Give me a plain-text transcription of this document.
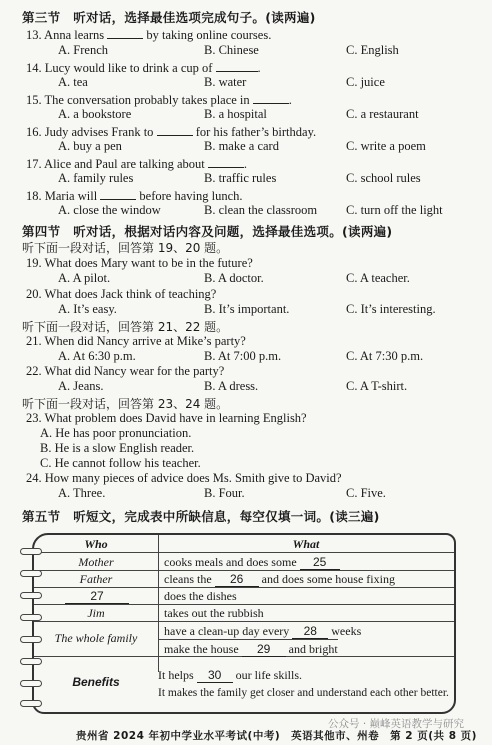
第三节　听对话，选择最佳选项完成句子。(读两遍)
13. Anna learns	by taking online courses.
A. French	B. Chinese	C. English
14. Lucy would like to drink a cup of	.
A. tea	B. water	C. juice
15. The conversation probably takes place in	.
A. a bookstore	B. a hospital	C. a restaurant
16. Judy advises Frank to	for his father’s birthday.
A. buy a pen	B. make a card	C. write a poem
17. Alice and Paul are talking about	.
A. family rules	B. traffic rules	C. school rules
18. Maria will	before having lunch.
A. close the window	B. clean the classroom C. turn off the light
第四节　听对话，根据对话内容及问题，选择最佳选项。(读两遍)
听下面一段对话，回答第 19、20 题。
19. What does Mary want to be in the future?
A. A pilot.	B. A doctor.	C. A teacher.
20. What does Jack think of teaching?
A. It’s easy.	B. It’s important.	C. It’s interesting.
听下面一段对话，回答第 21、22 题。
21. When did Nancy arrive at Mike’s party?
A. At 6:30 p.m.	B. At 7:00 p.m.	C. At 7:30 p.m.
22. What did Nancy wear for the party?
A. Jeans.	B. A dress.	C. A T-shirt.
听下面一段对话，回答第 23、24 题。
23. What problem does David have in learning English?
A. He has poor pronunciation.
B. He is a slow English reader.
C. He cannot follow his teacher.
24. How many pieces of advice does Ms. Smith give to David?
A. Three.	B. Four.	C. Five.
第五节　听短文，完成表中所缺信息，每空仅填一词。(读三遍)
Who	What
Mother	cooks meals and does some 25
Father	cleans the 26 and does some house fixing
27	does the dishes
Jim	takes out the rubbish
The whole family	have a clean-up day every 28 weeks
make the house 29 and bright
Benefits	It helps 30 our life skills.
It makes the family get closer and understand each other better.
公众号 · 巅峰英语教学与研究
贵州省 2024 年初中学业水平考试(中考)　英语其他市、州卷　第 2 页(共 8 页)
